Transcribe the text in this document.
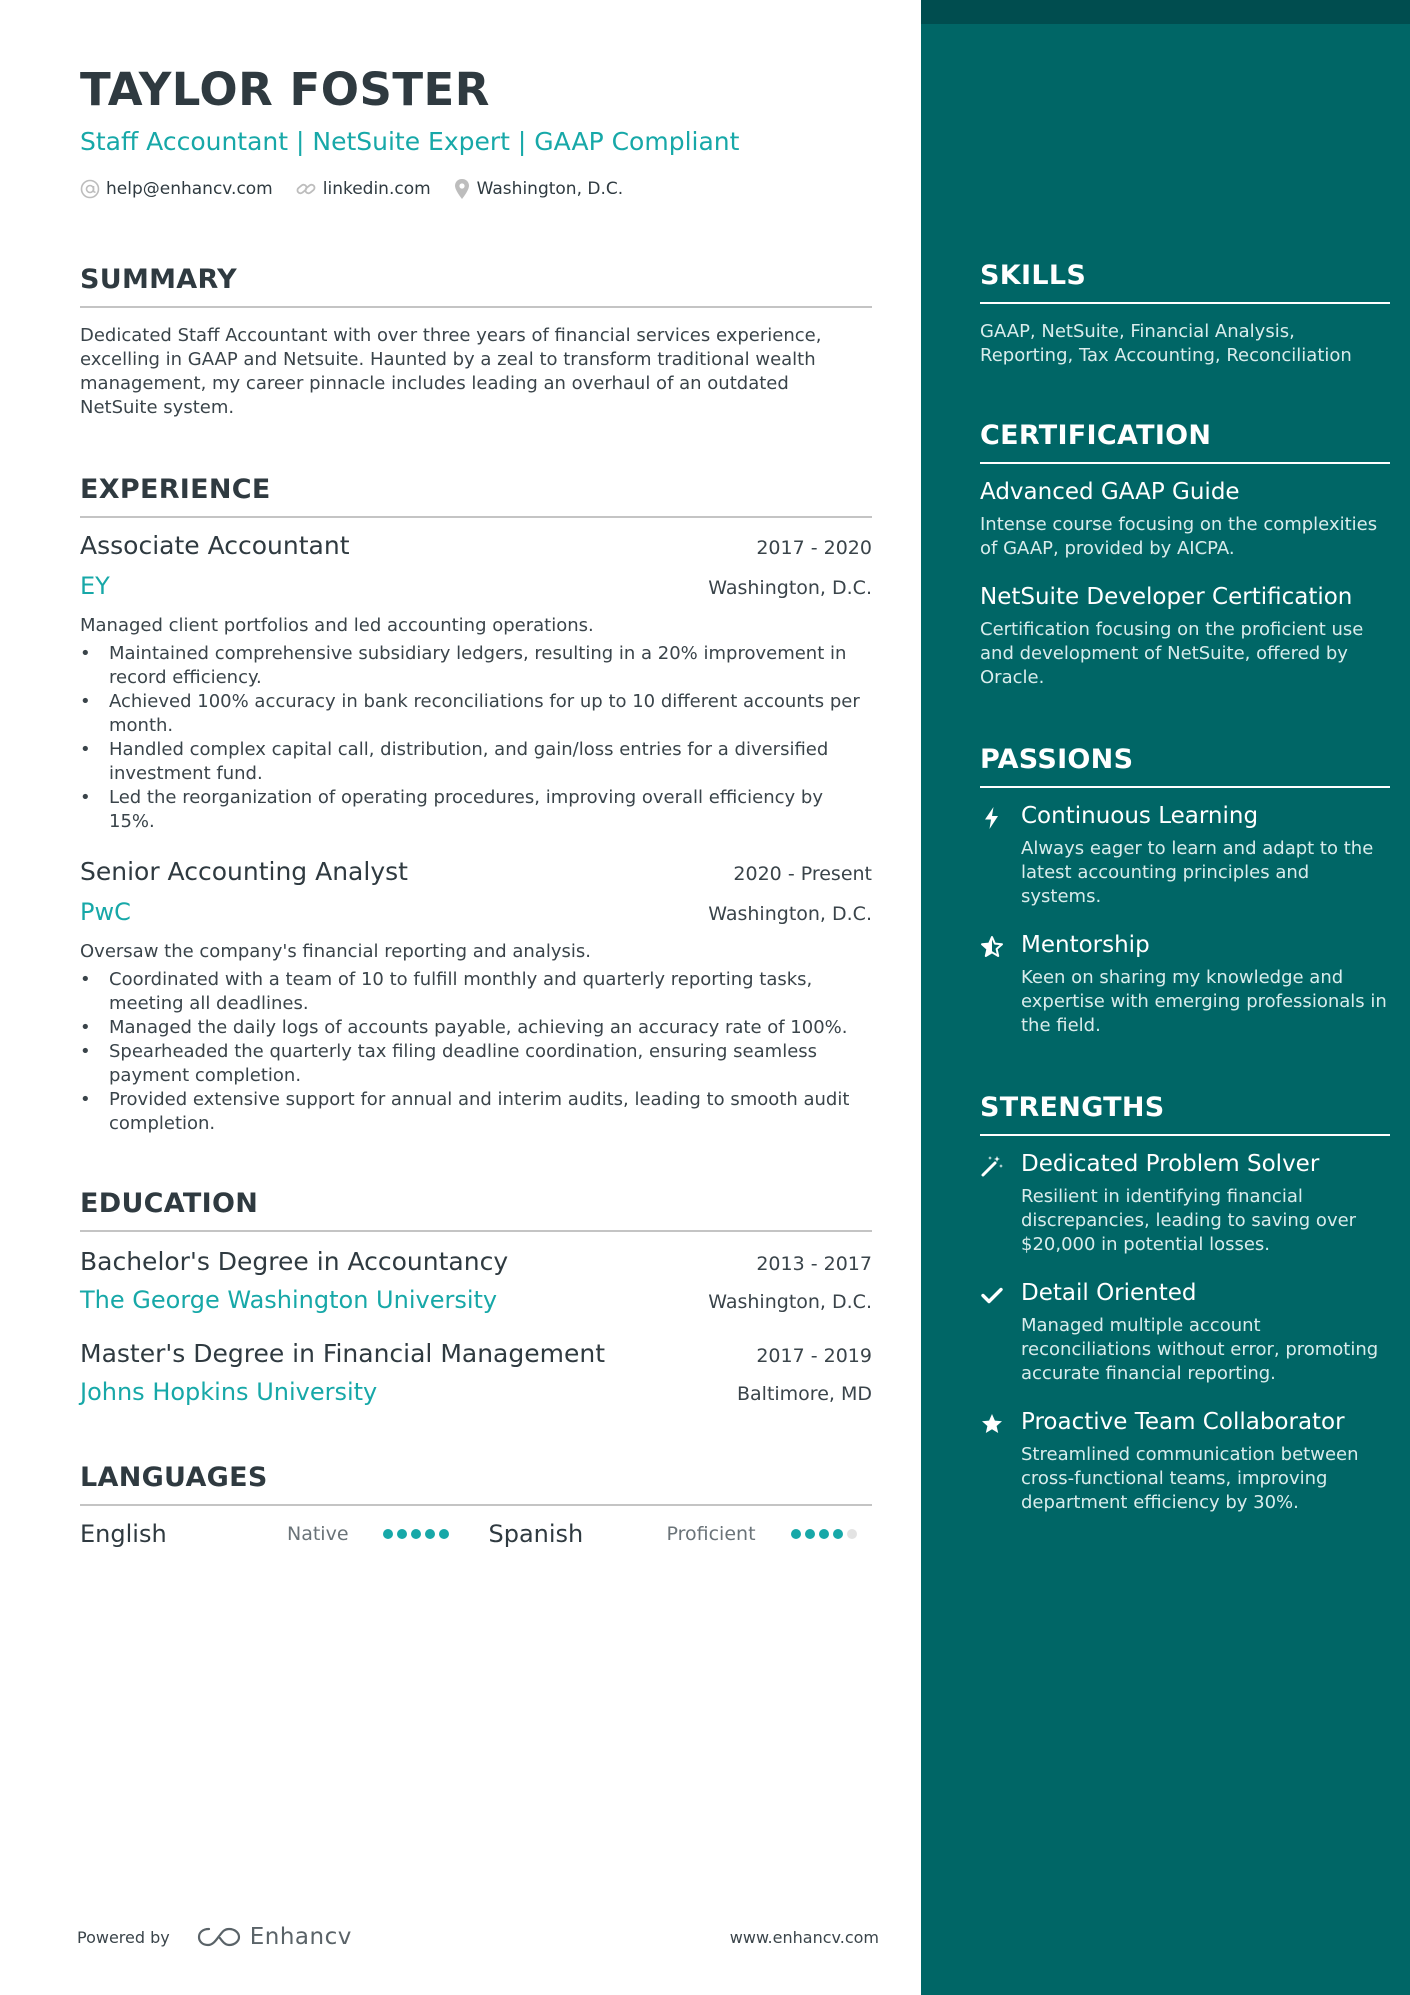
TAYLOR FOSTER
Staff Accountant | NetSuite Expert | GAAP Compliant
help@enhancv.com	linkedin.com	Washington, D.C.
SUMMARY

Dedicated Staff Accountant with over three years of financial services experience, excelling in GAAP and Netsuite. Haunted by a zeal to transform traditional wealth management, my career pinnacle includes leading an overhaul of an outdated NetSuite system.

EXPERIENCE
Associate Accountant	2017 - 2020
EY	Washington, D.C.
Managed client portfolios and led accounting operations.
• Maintained comprehensive subsidiary ledgers, resulting in a 20% improvement in record efficiency.
• Achieved 100% accuracy in bank reconciliations for up to 10 different accounts per month.
• Handled complex capital call, distribution, and gain/loss entries for a diversified investment fund.
• Led the reorganization of operating procedures, improving overall efficiency by 15%.
Senior Accounting Analyst	2020 - Present
PwC	Washington, D.C.
Oversaw the company's financial reporting and analysis.
• Coordinated with a team of 10 to fulfill monthly and quarterly reporting tasks, meeting all deadlines.
• Managed the daily logs of accounts payable, achieving an accuracy rate of 100%.
• Spearheaded the quarterly tax filing deadline coordination, ensuring seamless payment completion.
• Provided extensive support for annual and interim audits, leading to smooth audit completion.
EDUCATION
Bachelor's Degree in Accountancy	2013 - 2017
The George Washington University	Washington, D.C.
Master's Degree in Financial Management	2017 - 2019
Johns Hopkins University	Baltimore, MD
LANGUAGES
English	Native	Spanish	Proficient
SKILLS
GAAP, NetSuite, Financial Analysis, Reporting, Tax Accounting, Reconciliation
CERTIFICATION
Advanced GAAP Guide
Intense course focusing on the complexities of GAAP, provided by AICPA.
NetSuite Developer Certification
Certification focusing on the proficient use and development of NetSuite, offered by Oracle.
PASSIONS
Continuous Learning
Always eager to learn and adapt to the latest accounting principles and systems.
Mentorship
Keen on sharing my knowledge and expertise with emerging professionals in the field.
STRENGTHS
Dedicated Problem Solver
Resilient in identifying financial discrepancies, leading to saving over $20,000 in potential losses.
Detail Oriented
Managed multiple account reconciliations without error, promoting accurate financial reporting.
Proactive Team Collaborator
Streamlined communication between cross-functional teams, improving department efficiency by 30%.
Powered by	Enhancv	www.enhancv.com
